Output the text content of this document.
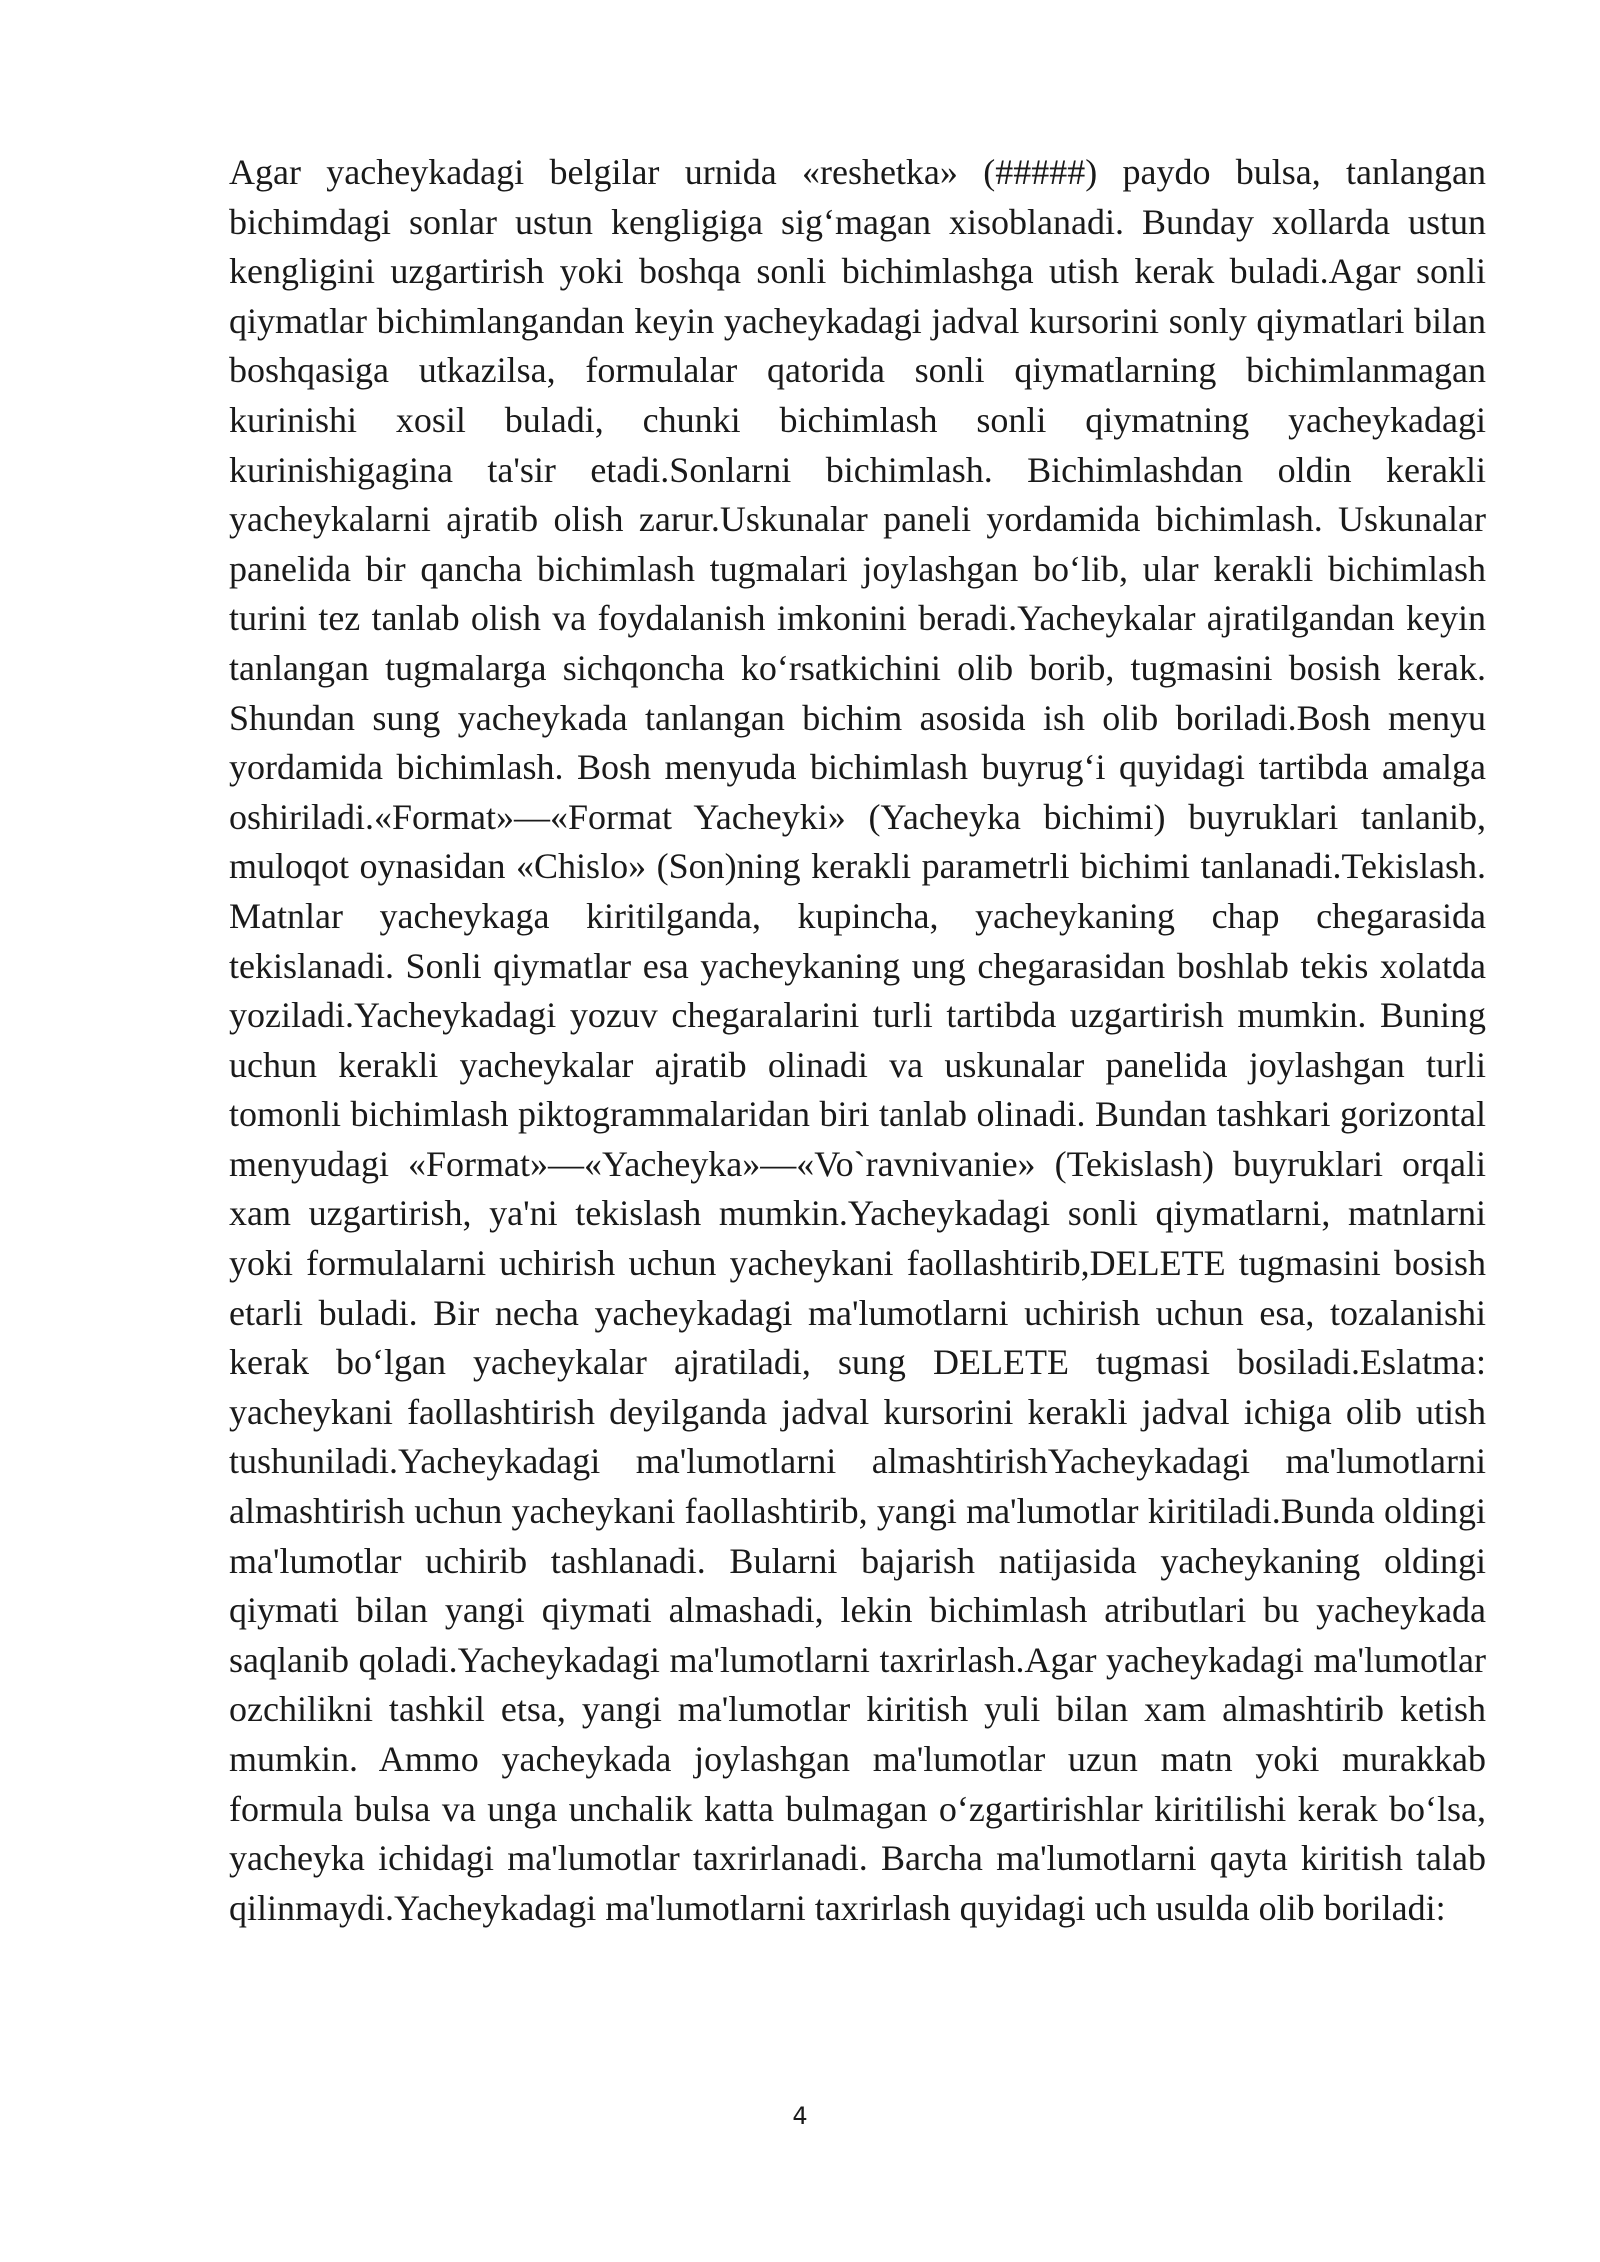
Agar yacheykadagi belgilar urnida «reshetka» (#####) paydo bulsa, tanlangan bichimdagi sonlar ustun kengligiga sigʻmagan xisoblanadi. Bunday xollarda ustun kengligini uzgartirish yoki boshqa sonli bichimlashga utish kerak buladi.Agar sonli qiymatlar bichimlangandan keyin yacheykadagi jadval kursorini sonly qiymatlari bilan boshqasiga utkazilsa, formulalar qatorida sonli qiymatlarning bichimlanmagan kurinishi xosil buladi, chunki bichimlash sonli qiymatning yacheykadagi kurinishigagina ta'sir etadi.Sonlarni bichimlash. Bichimlashdan oldin kerakli yacheykalarni ajratib olish zarur.Uskunalar paneli yordamida bichimlash. Uskunalar panelida bir qancha bichimlash tugmalari joylashgan boʻlib, ular kerakli bichimlash turini tez tanlab olish va foydalanish imkonini beradi.Yacheykalar ajratilgandan keyin tanlangan tugmalarga sichqoncha koʻrsatkichini olib borib, tugmasini bosish kerak. Shundan sung yacheykada tanlangan bichim asosida ish olib boriladi.Bosh menyu yordamida bichimlash. Bosh menyuda bichimlash buyrugʻi quyidagi tartibda amalga oshiriladi.«Format»—«Format Yacheyki» (Yacheyka bichimi) buyruklari tanlanib, muloqot oynasidan «Chislo» (Son)ning kerakli parametrli bichimi tanlanadi.Tekislash. Matnlar yacheykaga kiritilganda, kupincha, yacheykaning chap chegarasida tekislanadi. Sonli qiymatlar esa yacheykaning ung chegarasidan boshlab tekis xolatda yoziladi.Yacheykadagi yozuv chegaralarini turli tartibda uzgartirish mumkin. Buning uchun kerakli yacheykalar ajratib olinadi va uskunalar panelida joylashgan turli tomonli bichimlash piktogrammalaridan biri tanlab olinadi. Bundan tashkari gorizontal menyudagi «Format»—«Yacheyka»—«Vo`ravnivanie» (Tekislash) buyruklari orqali xam uzgartirish, ya'ni tekislash mumkin.Yacheykadagi sonli qiymatlarni, matnlarni yoki formulalarni uchirish uchun yacheykani faollashtirib,DELETE tugmasini bosish etarli buladi. Bir necha yacheykadagi ma'lumotlarni uchirish uchun esa, tozalanishi kerak boʻlgan yacheykalar ajratiladi, sung DELETE tugmasi bosiladi.Eslatma: yacheykani faollashtirish deyilganda jadval kursorini kerakli jadval ichiga olib utish tushuniladi.Yacheykadagi ma'lumotlarni almashtirishYacheykadagi ma'lumotlarni almashtirish uchun yacheykani faollashtirib, yangi ma'lumotlar kiritiladi.Bunda oldingi ma'lumotlar uchirib tashlanadi. Bularni bajarish natijasida yacheykaning oldingi qiymati bilan yangi qiymati almashadi, lekin bichimlash atributlari bu yacheykada saqlanib qoladi.Yacheykadagi ma'lumotlarni taxrirlash.Agar yacheykadagi ma'lumotlar ozchilikni tashkil etsa, yangi ma'lumotlar kiritish yuli bilan xam almashtirib ketish mumkin. Ammo yacheykada joylashgan ma'lumotlar uzun matn yoki murakkab formula bulsa va unga unchalik katta bulmagan oʻzgartirishlar kiritilishi kerak boʻlsa, yacheyka ichidagi ma'lumotlar taxrirlanadi. Barcha ma'lumotlarni qayta kiritish talab qilinmaydi.Yacheykadagi ma'lumotlarni taxrirlash quyidagi uch usulda olib boriladi:

4
